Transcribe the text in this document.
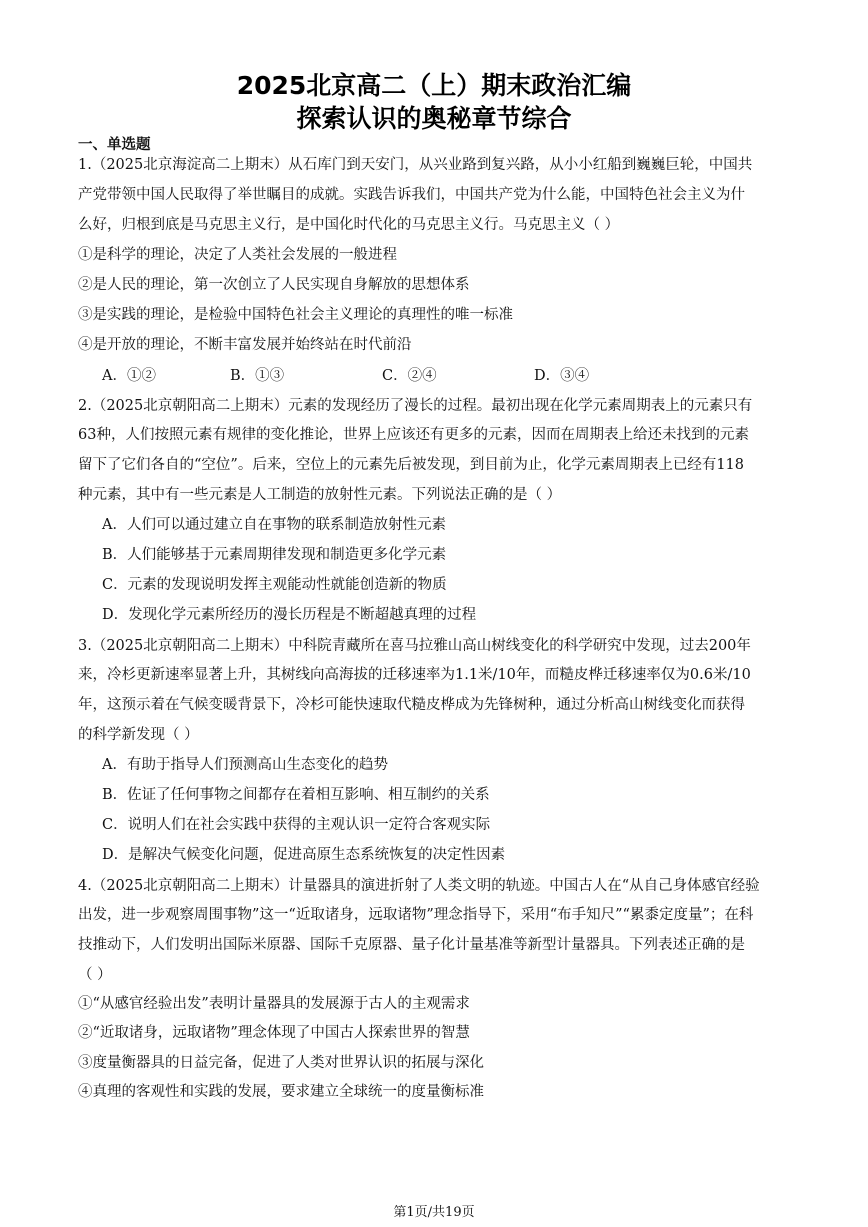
2025北京高二（上）期末政治汇编
探索认识的奥秘章节综合
一、单选题
1.（2025北京海淀高二上期末）从石库门到天安门，从兴业路到复兴路，从小小红船到巍巍巨轮，中国共
产党带领中国人民取得了举世瞩目的成就。实践告诉我们，中国共产党为什么能，中国特色社会主义为什
么好，归根到底是马克思主义行，是中国化时代化的马克思主义行。马克思主义（ ）
①是科学的理论，决定了人类社会发展的一般进程
②是人民的理论，第一次创立了人民实现自身解放的思想体系
③是实践的理论，是检验中国特色社会主义理论的真理性的唯一标准
④是开放的理论，不断丰富发展并始终站在时代前沿
A．①②	B．①③	C．②④	D．③④
2.（2025北京朝阳高二上期末）元素的发现经历了漫长的过程。最初出现在化学元素周期表上的元素只有
63种，人们按照元素有规律的变化推论，世界上应该还有更多的元素，因而在周期表上给还未找到的元素
留下了它们各自的“空位”。后来，空位上的元素先后被发现，到目前为止，化学元素周期表上已经有118
种元素，其中有一些元素是人工制造的放射性元素。下列说法正确的是（ ）
A．人们可以通过建立自在事物的联系制造放射性元素
B．人们能够基于元素周期律发现和制造更多化学元素
C．元素的发现说明发挥主观能动性就能创造新的物质
D．发现化学元素所经历的漫长历程是不断超越真理的过程
3.（2025北京朝阳高二上期末）中科院青藏所在喜马拉雅山高山树线变化的科学研究中发现，过去200年
来，冷杉更新速率显著上升，其树线向高海拔的迁移速率为1.1米/10年，而糙皮桦迁移速率仅为0.6米/10
年，这预示着在气候变暖背景下，冷杉可能快速取代糙皮桦成为先锋树种，通过分析高山树线变化而获得
的科学新发现（ ）
A．有助于指导人们预测高山生态变化的趋势
B．佐证了任何事物之间都存在着相互影响、相互制约的关系
C．说明人们在社会实践中获得的主观认识一定符合客观实际
D．是解决气候变化问题，促进高原生态系统恢复的决定性因素
4.（2025北京朝阳高二上期末）计量器具的演进折射了人类文明的轨迹。中国古人在“从自己身体感官经验
出发，进一步观察周围事物”这一“近取诸身，远取诸物”理念指导下，采用“布手知尺”“累黍定度量”；在科
技推动下，人们发明出国际米原器、国际千克原器、量子化计量基准等新型计量器具。下列表述正确的是
（ ）
①“从感官经验出发”表明计量器具的发展源于古人的主观需求
②“近取诸身，远取诸物”理念体现了中国古人探索世界的智慧
③度量衡器具的日益完备，促进了人类对世界认识的拓展与深化
④真理的客观性和实践的发展，要求建立全球统一的度量衡标准
第1页/共19页
